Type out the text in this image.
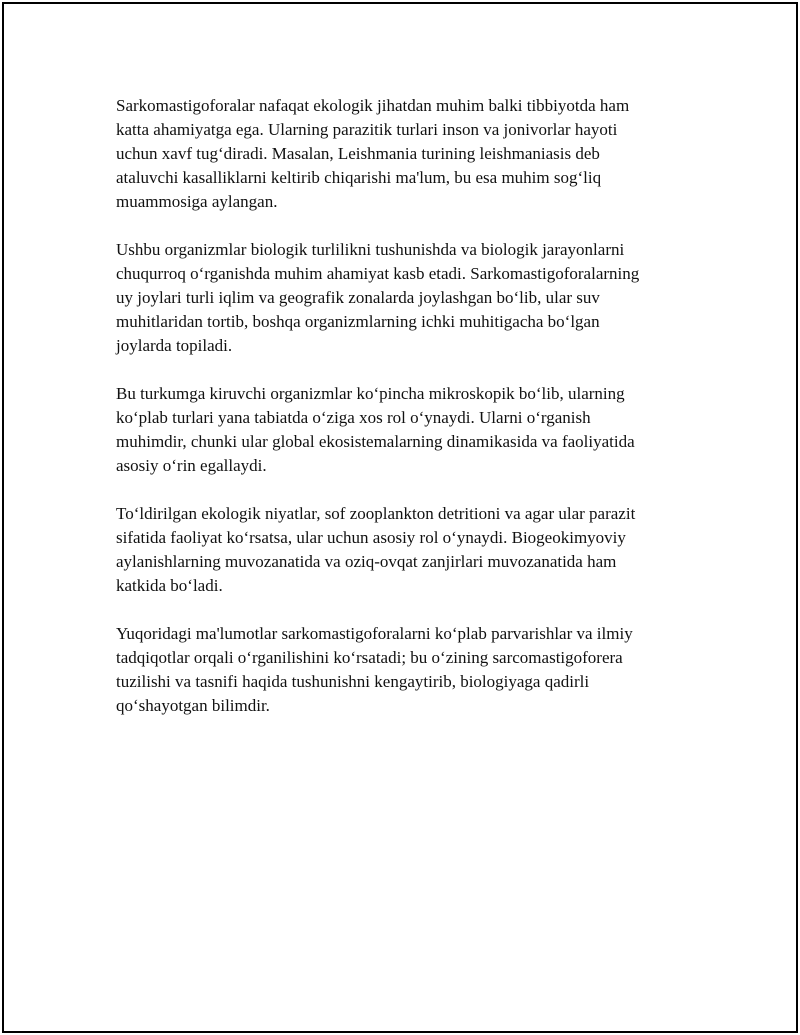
Sarkomastigoforalar nafaqat ekologik jihatdan muhim balki tibbiyotda ham
katta ahamiyatga ega. Ularning parazitik turlari inson va jonivorlar hayoti
uchun xavf tug‘diradi. Masalan, Leishmania turining leishmaniasis deb
ataluvchi kasalliklarni keltirib chiqarishi ma'lum, bu esa muhim sog‘liq
muammosiga aylangan.

Ushbu organizmlar biologik turlilikni tushunishda va biologik jarayonlarni
chuqurroq o‘rganishda muhim ahamiyat kasb etadi. Sarkomastigoforalarning
uy joylari turli iqlim va geografik zonalarda joylashgan bo‘lib, ular suv
muhitlaridan tortib, boshqa organizmlarning ichki muhitigacha bo‘lgan
joylarda topiladi.

Bu turkumga kiruvchi organizmlar ko‘pincha mikroskopik bo‘lib, ularning
ko‘plab turlari yana tabiatda o‘ziga xos rol o‘ynaydi. Ularni o‘rganish
muhimdir, chunki ular global ekosistemalarning dinamikasida va faoliyatida
asosiy o‘rin egallaydi.

To‘ldirilgan ekologik niyatlar, sof zooplankton detritioni va agar ular parazit
sifatida faoliyat ko‘rsatsa, ular uchun asosiy rol o‘ynaydi. Biogeokimyoviy
aylanishlarning muvozanatida va oziq-ovqat zanjirlari muvozanatida ham
katkida bo‘ladi.

Yuqoridagi ma'lumotlar sarkomastigoforalarni ko‘plab parvarishlar va ilmiy
tadqiqotlar orqali o‘rganilishini ko‘rsatadi; bu o‘zining sarcomastigoforera
tuzilishi va tasnifi haqida tushunishni kengaytirib, biologiyaga qadirli
qo‘shayotgan bilimdir.
